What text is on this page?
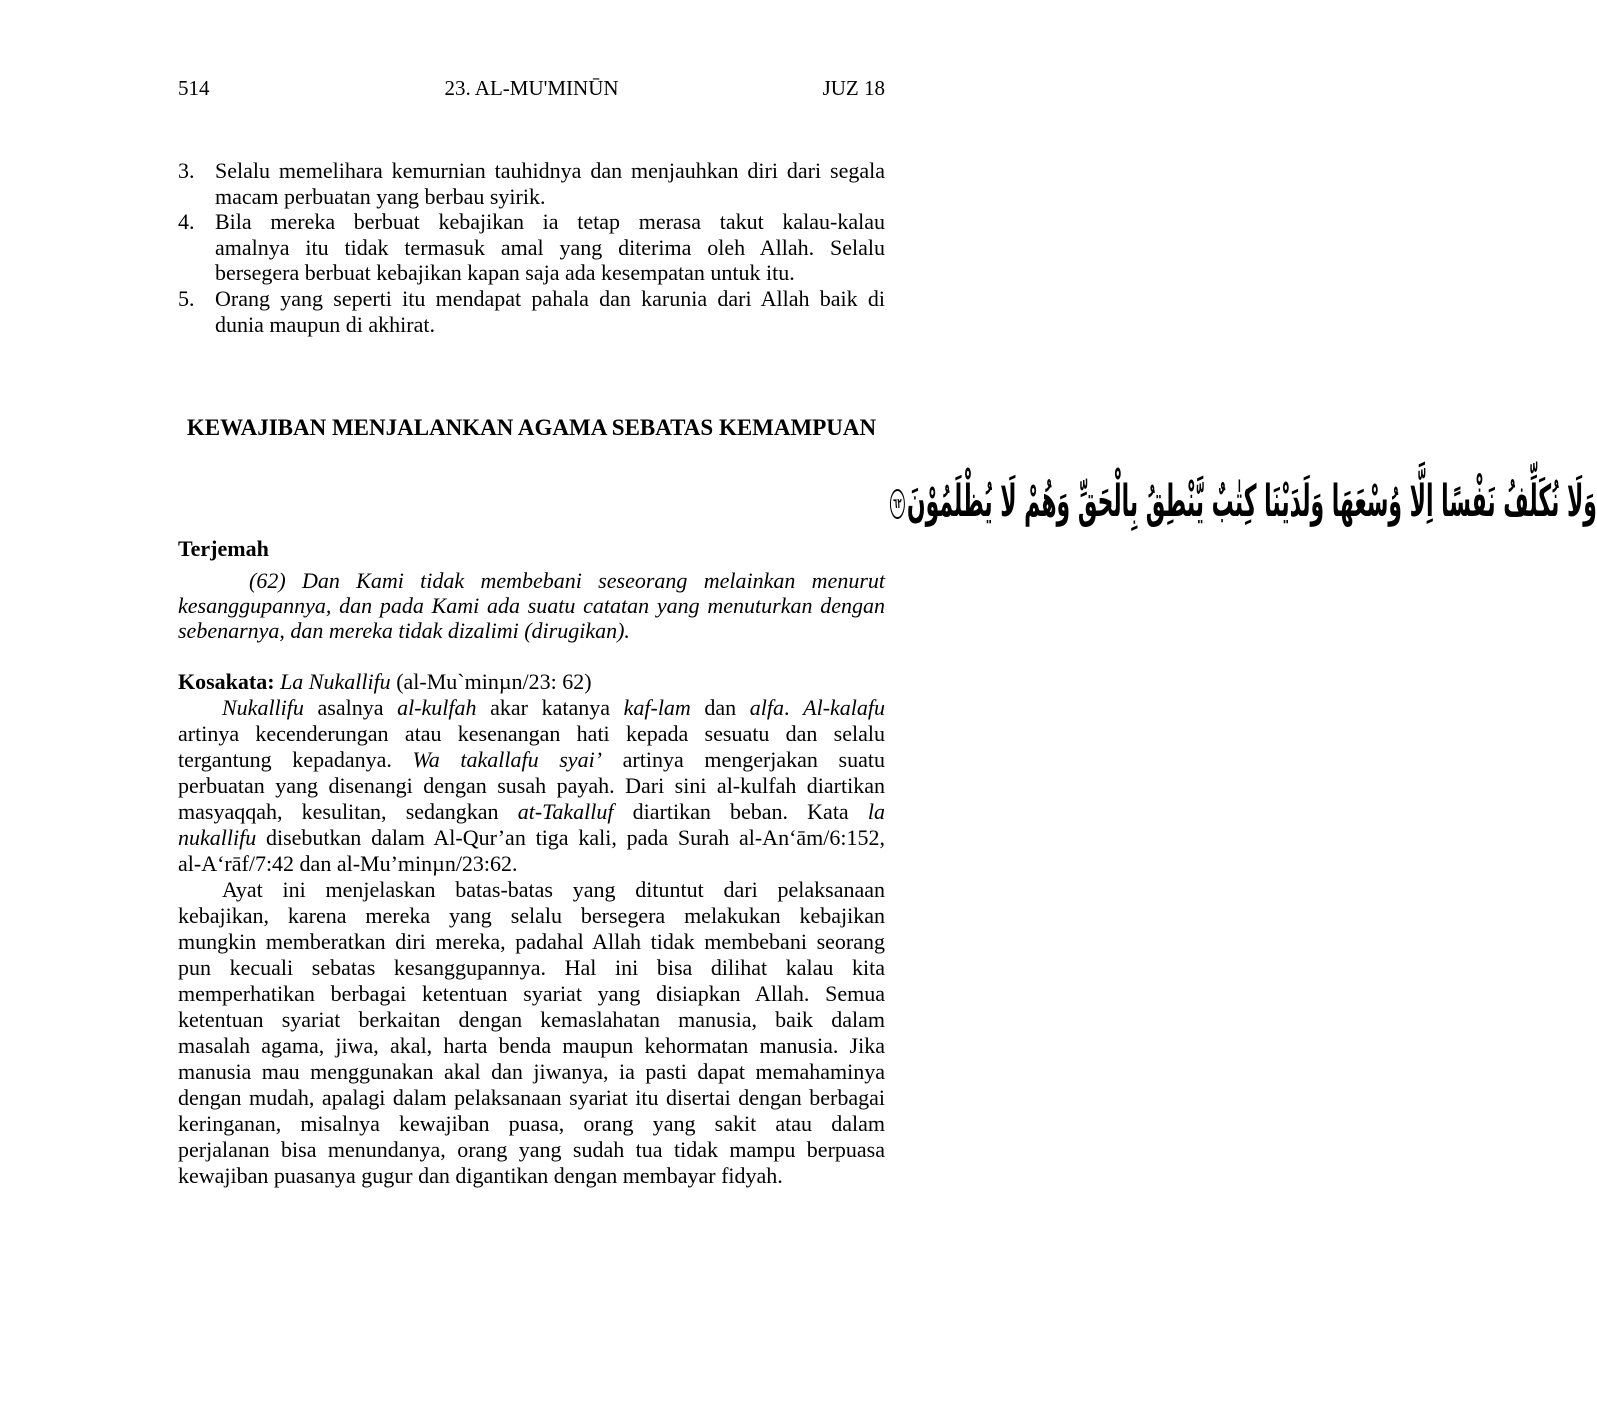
514	23. AL-MU'MINŪN	JUZ 18
3. Selalu memelihara kemurnian tauhidnya dan menjauhkan diri dari segala
macam perbuatan yang berbau syirik.
4. Bila mereka berbuat kebajikan ia tetap merasa takut kalau-kalau
amalnya itu tidak termasuk amal yang diterima oleh Allah. Selalu
bersegera berbuat kebajikan kapan saja ada kesempatan untuk itu.
5. Orang yang seperti itu mendapat pahala dan karunia dari Allah baik di
dunia maupun di akhirat.
KEWAJIBAN MENJALANKAN AGAMA SEBATAS KEMAMPUAN
وَلَا نُكَلِّفُ نَفْسًا اِلَّا وُسْعَهَا وَلَدَيْنَا كِتٰبٌ يَّنْطِقُ بِالْحَقِّ وَهُمْ لَا يُظْلَمُوْنَ٦٢
Terjemah
(62) Dan Kami tidak membebani seseorang melainkan menurut
kesanggupannya, dan pada Kami ada suatu catatan yang menuturkan dengan
sebenarnya, dan mereka tidak dizalimi (dirugikan).
Kosakata: La Nukallifu (al-Mu`minµn/23: 62)
Nukallifu asalnya al-kulfah akar katanya kaf-lam dan alfa. Al-kalafu
artinya kecenderungan atau kesenangan hati kepada sesuatu dan selalu
tergantung kepadanya. Wa takallafu syai’ artinya mengerjakan suatu
perbuatan yang disenangi dengan susah payah. Dari sini al-kulfah diartikan
masyaqqah, kesulitan, sedangkan at-Takalluf diartikan beban. Kata la
nukallifu disebutkan dalam Al-Qur’an tiga kali, pada Surah al-An‘ām/6:152,
al-A‘rāf/7:42 dan al-Mu’minµn/23:62.
Ayat ini menjelaskan batas-batas yang dituntut dari pelaksanaan
kebajikan, karena mereka yang selalu bersegera melakukan kebajikan
mungkin memberatkan diri mereka, padahal Allah tidak membebani seorang
pun kecuali sebatas kesanggupannya. Hal ini bisa dilihat kalau kita
memperhatikan berbagai ketentuan syariat yang disiapkan Allah. Semua
ketentuan syariat berkaitan dengan kemaslahatan manusia, baik dalam
masalah agama, jiwa, akal, harta benda maupun kehormatan manusia. Jika
manusia mau menggunakan akal dan jiwanya, ia pasti dapat memahaminya
dengan mudah, apalagi dalam pelaksanaan syariat itu disertai dengan berbagai
keringanan, misalnya kewajiban puasa, orang yang sakit atau dalam
perjalanan bisa menundanya, orang yang sudah tua tidak mampu berpuasa
kewajiban puasanya gugur dan digantikan dengan membayar fidyah.
